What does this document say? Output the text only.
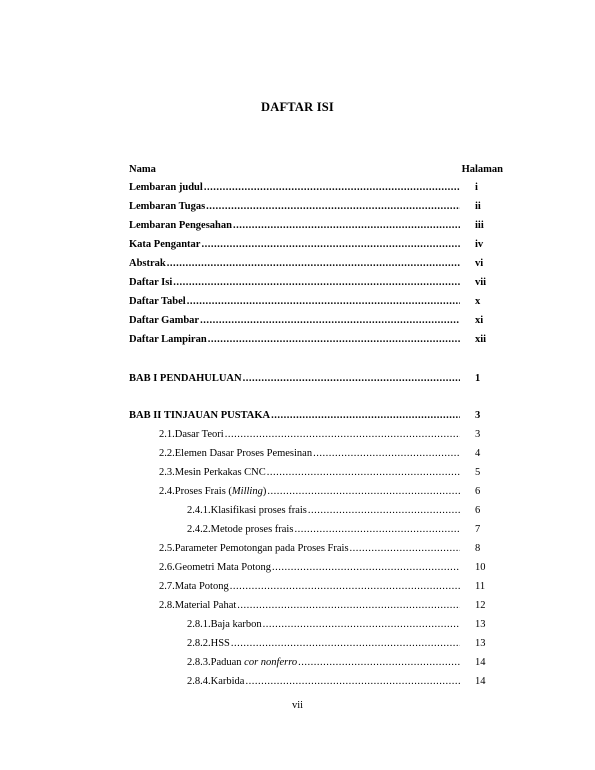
DAFTAR ISI
Nama	Halaman
Lembaran judul .....	i
Lembaran Tugas .....	ii
Lembaran Pengesahan .....	iii
Kata Pengantar .....	iv
Abstrak .....	vi
Daftar Isi .....	vii
Daftar Tabel .....	x
Daftar Gambar .....	xi
Daftar Lampiran .....	xii
BAB I PENDAHULUAN .....	1
BAB II TINJAUAN PUSTAKA .....	3
2.1. Dasar Teori .....	3
2.2. Elemen Dasar Proses Pemesinan .....	4
2.3. Mesin Perkakas CNC .....	5
2.4. Proses Frais (Milling) .....	6
2.4.1. Klasifikasi proses frais .....	6
2.4.2. Metode proses frais .....	7
2.5. Parameter Pemotongan pada Proses Frais .....	8
2.6. Geometri Mata Potong .....	10
2.7. Mata Potong .....	11
2.8. Material Pahat .....	12
2.8.1. Baja karbon .....	13
2.8.2. HSS .....	13
2.8.3. Paduan cor nonferro .....	14
2.8.4. Karbida .....	14
vii
